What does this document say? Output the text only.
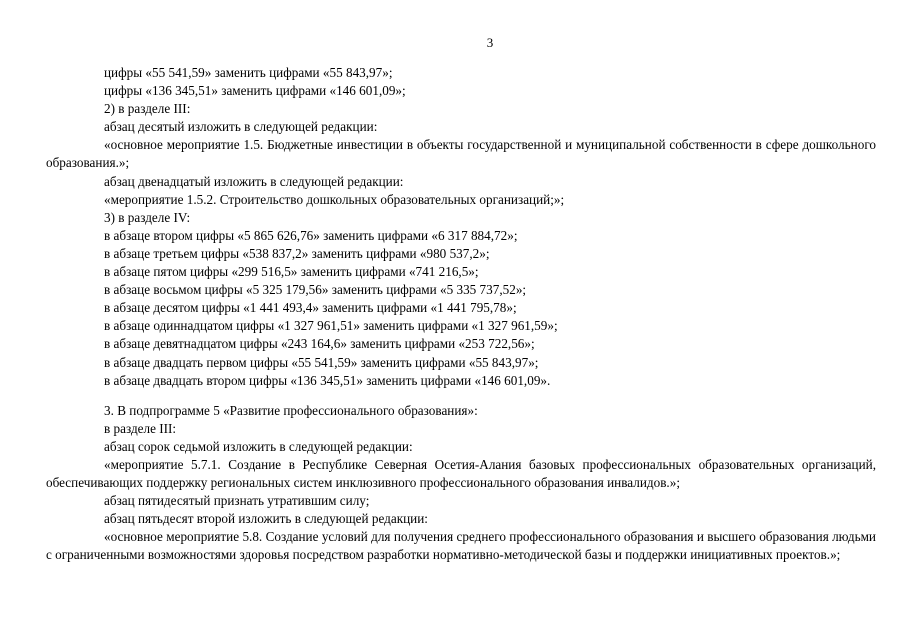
3
цифры «55 541,59» заменить цифрами «55 843,97»;
цифры «136 345,51» заменить цифрами «146 601,09»;
2) в разделе III:
абзац десятый изложить в следующей редакции:
«основное мероприятие 1.5. Бюджетные инвестиции в объекты государственной и муниципальной собственности в сфере дошкольного образования.»;
абзац двенадцатый изложить в следующей редакции:
«мероприятие 1.5.2. Строительство дошкольных образовательных организаций;»;
3) в разделе IV:
в абзаце втором цифры «5 865 626,76» заменить цифрами «6 317 884,72»;
в абзаце третьем цифры «538 837,2» заменить цифрами «980 537,2»;
в абзаце пятом цифры «299 516,5» заменить цифрами «741 216,5»;
в абзаце восьмом цифры «5 325 179,56» заменить цифрами «5 335 737,52»;
в абзаце десятом цифры «1 441 493,4» заменить цифрами «1 441 795,78»;
в абзаце одиннадцатом цифры «1 327 961,51» заменить цифрами «1 327 961,59»;
в абзаце девятнадцатом цифры «243 164,6» заменить цифрами «253 722,56»;
в абзаце двадцать первом цифры «55 541,59» заменить цифрами «55 843,97»;
в абзаце двадцать втором цифры «136 345,51» заменить цифрами «146 601,09».
3. В подпрограмме 5 «Развитие профессионального образования»:
в разделе III:
абзац сорок седьмой изложить в следующей редакции:
«мероприятие 5.7.1. Создание в Республике Северная Осетия-Алания базовых профессиональных образовательных организаций, обеспечивающих поддержку региональных систем инклюзивного профессионального образования инвалидов.»;
абзац пятидесятый признать утратившим силу;
абзац пятьдесят второй изложить в следующей редакции:
«основное мероприятие 5.8. Создание условий для получения среднего профессионального образования и высшего образования людьми с ограниченными возможностями здоровья посредством разработки нормативно-методической базы и поддержки инициативных проектов.»;
